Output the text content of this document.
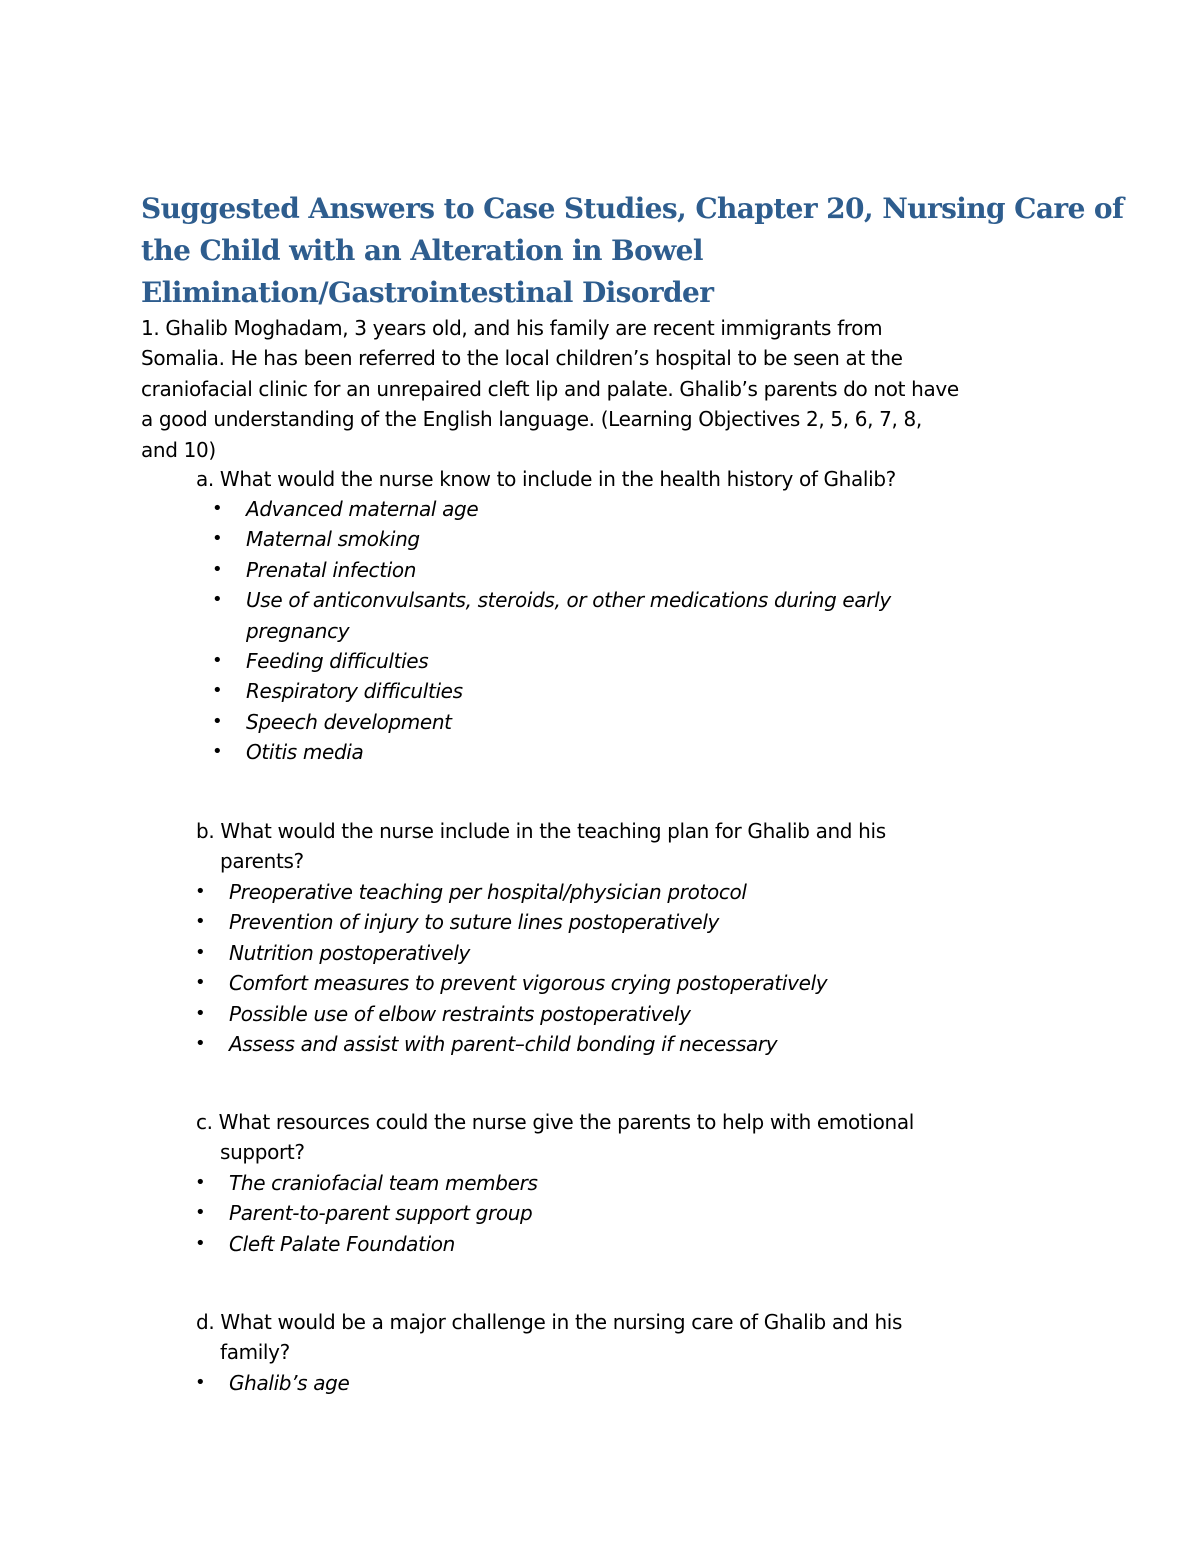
Suggested Answers to Case Studies, Chapter 20, Nursing Care of
the Child with an Alteration in Bowel
Elimination/Gastrointestinal Disorder

1. Ghalib Moghadam, 3 years old, and his family are recent immigrants from
Somalia. He has been referred to the local children’s hospital to be seen at the
craniofacial clinic for an unrepaired cleft lip and palate. Ghalib’s parents do not have
a good understanding of the English language. (Learning Objectives 2, 5, 6, 7, 8,
and 10)

a. What would the nurse know to include in the health history of Ghalib?

• Advanced maternal age
• Maternal smoking
• Prenatal infection
• Use of anticonvulsants, steroids, or other medications during early
pregnancy
• Feeding difficulties
• Respiratory difficulties
• Speech development
• Otitis media

b. What would the nurse include in the teaching plan for Ghalib and his
parents?

• Preoperative teaching per hospital/physician protocol
• Prevention of injury to suture lines postoperatively
• Nutrition postoperatively
• Comfort measures to prevent vigorous crying postoperatively
• Possible use of elbow restraints postoperatively
• Assess and assist with parent–child bonding if necessary

c. What resources could the nurse give the parents to help with emotional
support?

• The craniofacial team members
• Parent-to-parent support group
• Cleft Palate Foundation

d. What would be a major challenge in the nursing care of Ghalib and his
family?

• Ghalib’s age
